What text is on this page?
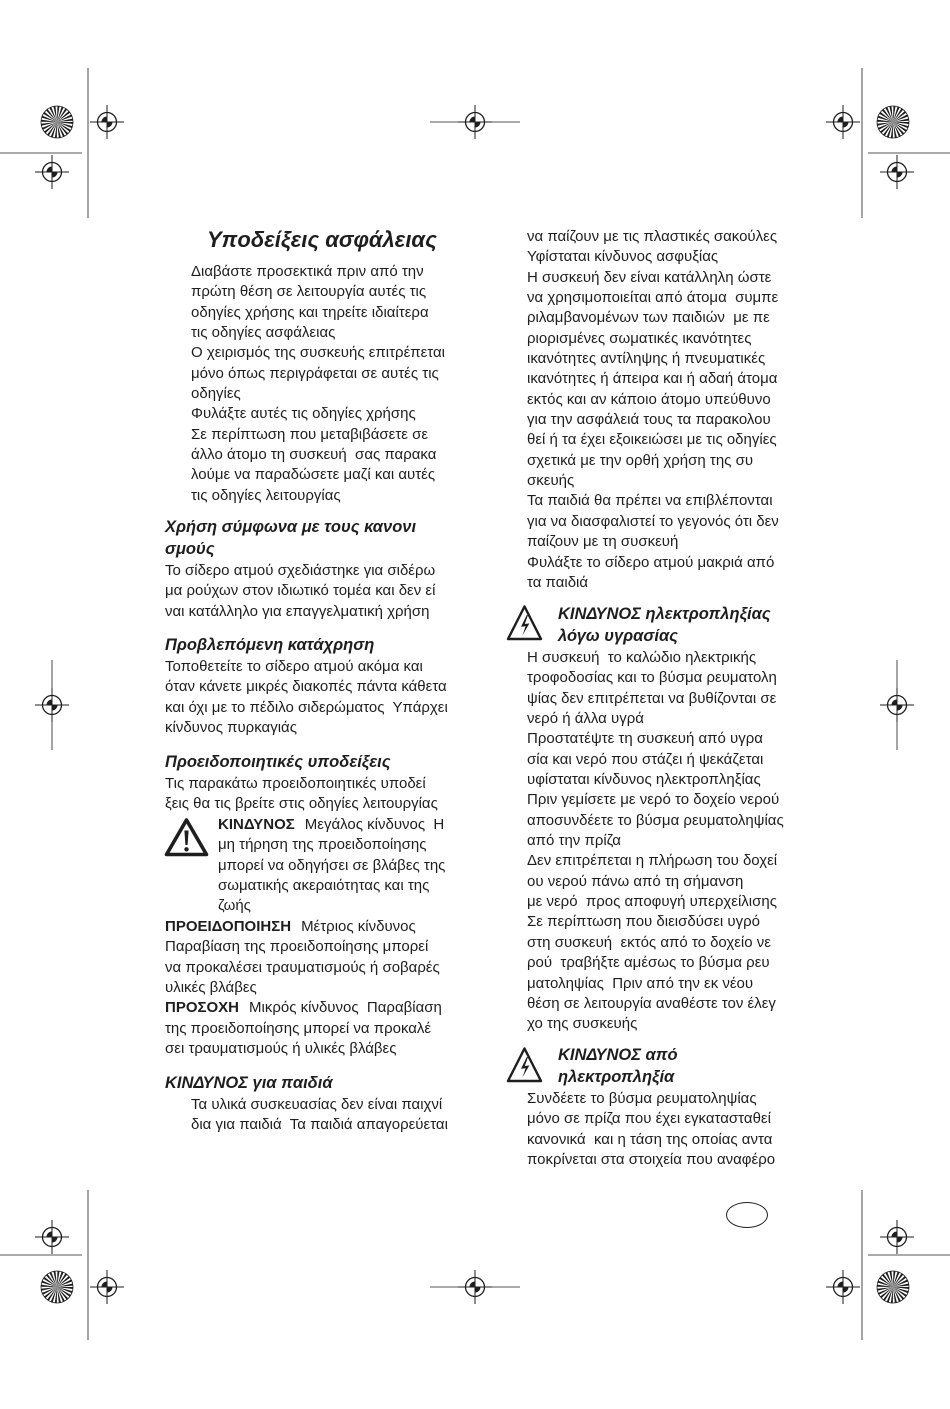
Υποδείξεις ασφάλειας
Διαβάστε προσεκτικά πριν από την
πρώτη θέση σε λειτουργία αυτές τις
οδηγίες χρήσης και τηρείτε ιδιαίτερα
τις οδηγίες ασφάλειας
Ο χειρισμός της συσκευής επιτρέπεται
μόνο όπως περιγράφεται σε αυτές τις
οδηγίες
Φυλάξτε αυτές τις οδηγίες χρήσης
Σε περίπτωση που μεταβιβάσετε σε
άλλο άτομο τη συσκευή  σας παρακα
λούμε να παραδώσετε μαζί και αυτές
τις οδηγίες λειτουργίας
Χρήση σύμφωνα με τους κανονι
σμούς
Το σίδερο ατμού σχεδιάστηκε για σιδέρω
μα ρούχων στον ιδιωτικό τομέα και δεν εί
ναι κατάλληλο για επαγγελματική χρήση
Προβλεπόμενη κατάχρηση
Τοποθετείτε το σίδερο ατμού ακόμα και
όταν κάνετε μικρές διακοπές πάντα κάθετα
και όχι με το πέδιλο σιδερώματος  Υπάρχει
κίνδυνος πυρκαγιάς
Προειδοποιητικές υποδείξεις
Τις παρακάτω προειδοποιητικές υποδεί
ξεις θα τις βρείτε στις οδηγίες λειτουργίας
ΚΙΝΔΥΝΟΣ Μεγάλος κίνδυνος  Η
μη τήρηση της προειδοποίησης
μπορεί να οδηγήσει σε βλάβες της
σωματικής ακεραιότητας και της
ζωής
ΠΡΟΕΙΔΟΠΟΙΗΣΗ Μέτριος κίνδυνος
Παραβίαση της προειδοποίησης μπορεί
να προκαλέσει τραυματισμούς ή σοβαρές
υλικές βλάβες
ΠΡΟΣΟΧΗ Μικρός κίνδυνος  Παραβίαση
της προειδοποίησης μπορεί να προκαλέ
σει τραυματισμούς ή υλικές βλάβες
ΚΙΝΔΥΝΟΣ για παιδιά
Τα υλικά συσκευασίας δεν είναι παιχνί
δια για παιδιά  Τα παιδιά απαγορεύεται
να παίζουν με τις πλαστικές σακούλες
Υφίσταται κίνδυνος ασφυξίας
Η συσκευή δεν είναι κατάλληλη ώστε
να χρησιμοποιείται από άτομα  συμπε
ριλαμβανομένων των παιδιών  με πε
ριορισμένες σωματικές ικανότητες
ικανότητες αντίληψης ή πνευματικές
ικανότητες ή άπειρα και ή αδαή άτομα
εκτός και αν κάποιο άτομο υπεύθυνο
για την ασφάλειά τους τα παρακολου
θεί ή τα έχει εξοικειώσει με τις οδηγίες
σχετικά με την ορθή χρήση της συ
σκευής
Τα παιδιά θα πρέπει να επιβλέπονται
για να διασφαλιστεί το γεγονός ότι δεν
παίζουν με τη συσκευή
Φυλάξτε το σίδερο ατμού μακριά από
τα παιδιά
ΚΙΝΔΥΝΟΣ ηλεκτροπληξίας
λόγω υγρασίας
Η συσκευή  το καλώδιο ηλεκτρικής
τροφοδοσίας και το βύσμα ρευματολη
ψίας δεν επιτρέπεται να βυθίζονται σε
νερό ή άλλα υγρά
Προστατέψτε τη συσκευή από υγρα
σία και νερό που στάζει ή ψεκάζεται
υφίσταται κίνδυνος ηλεκτροπληξίας
Πριν γεμίσετε με νερό το δοχείο νερού
αποσυνδέετε το βύσμα ρευματοληψίας
από την πρίζα
Δεν επιτρέπεται η πλήρωση του δοχεί
ου νερού πάνω από τη σήμανση
με νερό  προς αποφυγή υπερχείλισης
Σε περίπτωση που διεισδύσει υγρό
στη συσκευή  εκτός από το δοχείο νε
ρού  τραβήξτε αμέσως το βύσμα ρευ
ματοληψίας  Πριν από την εκ νέου
θέση σε λειτουργία αναθέστε τον έλεγ
χο της συσκευής
ΚΙΝΔΥΝΟΣ από
ηλεκτροπληξία
Συνδέετε το βύσμα ρευματοληψίας
μόνο σε πρίζα που έχει εγκατασταθεί
κανονικά  και η τάση της οποίας αντα
ποκρίνεται στα στοιχεία που αναφέρο
